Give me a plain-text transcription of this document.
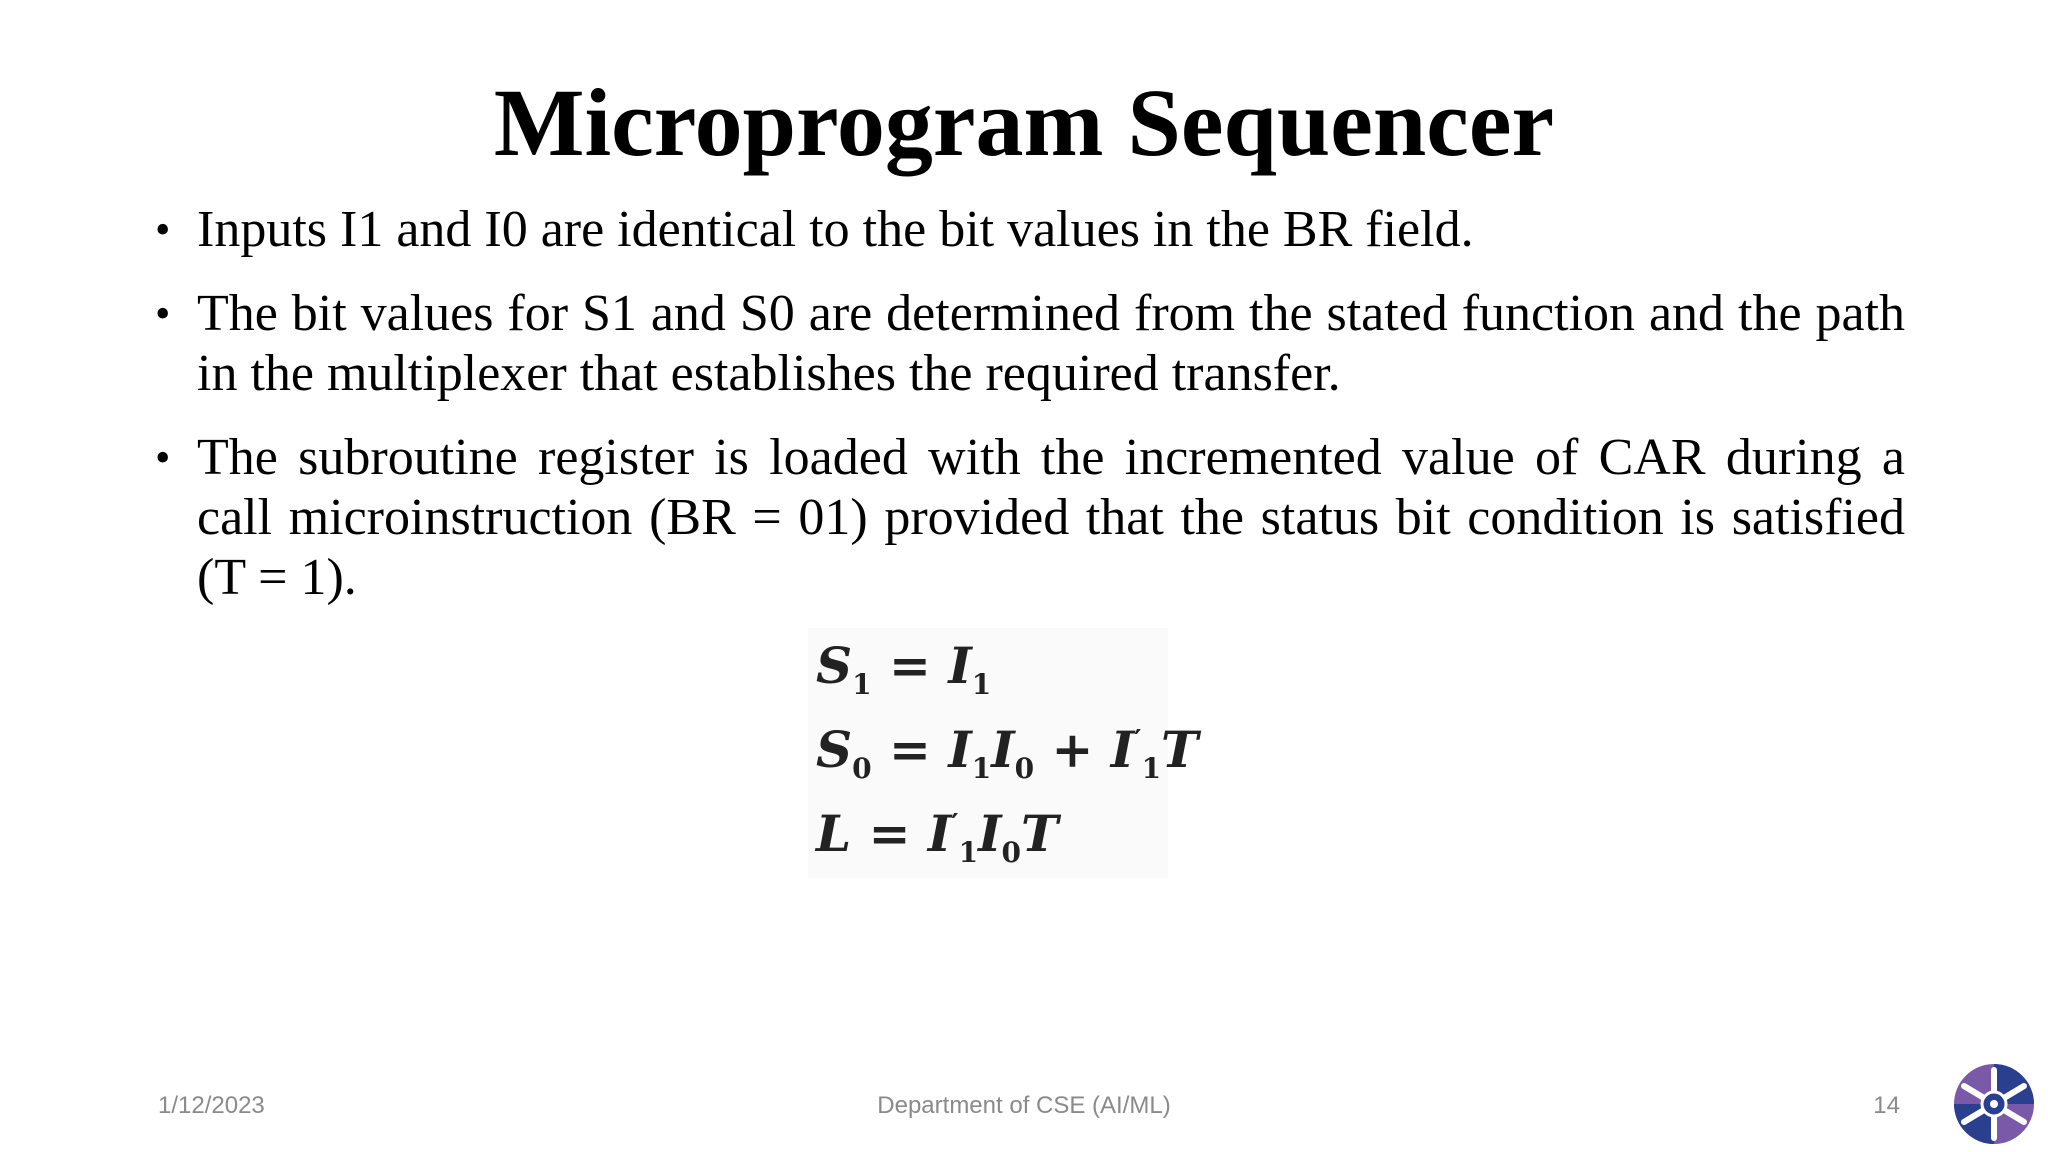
Microprogram Sequencer
• Inputs I1 and I0 are identical to the bit values in the BR field.
• The bit values for S1 and S0 are determined from the stated function and the path in the multiplexer that establishes the required transfer.
• The subroutine register is loaded with the incremented value of CAR during a call microinstruction (BR = 01) provided that the status bit condition is satisfied (T = 1).
$S_1 = I_1$
$S_0 = I_1I_0 + I'_1T$
$L = I'_1I_0T$
1/12/2023	Department of CSE (AI/ML)	14
